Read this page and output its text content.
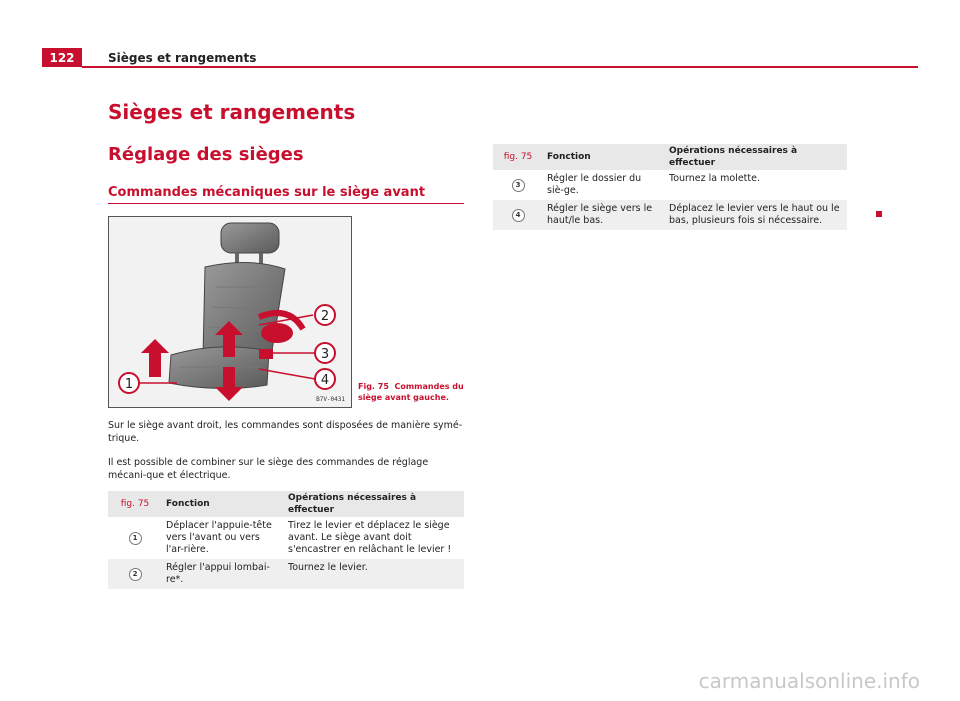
122	Sièges et rangements
Sièges et rangements
Réglage des sièges
Commandes mécaniques sur le siège avant
1
2
3
4
B7V-0431
Fig. 75 Commandes du siège avant gauche.
Sur le siège avant droit, les commandes sont disposées de manière symé-trique.
Il est possible de combiner sur le siège des commandes de réglage mécani-que et électrique.
fig. 75	Fonction	Opérations nécessaires à effectuer
1	Déplacer l'appuie-tête vers l'avant ou vers l'ar-rière.	Tirez le levier et déplacez le siège avant. Le siège avant doit s'encastrer en relâchant le levier !
2	Régler l'appui lombai-re*.	Tournez le levier.
fig. 75	Fonction	Opérations nécessaires à effectuer
3	Régler le dossier du siè-ge.	Tournez la molette.
4	Régler le siège vers le haut/le bas.	Déplacez le levier vers le haut ou le bas, plusieurs fois si nécessaire.
carmanualsonline.info
